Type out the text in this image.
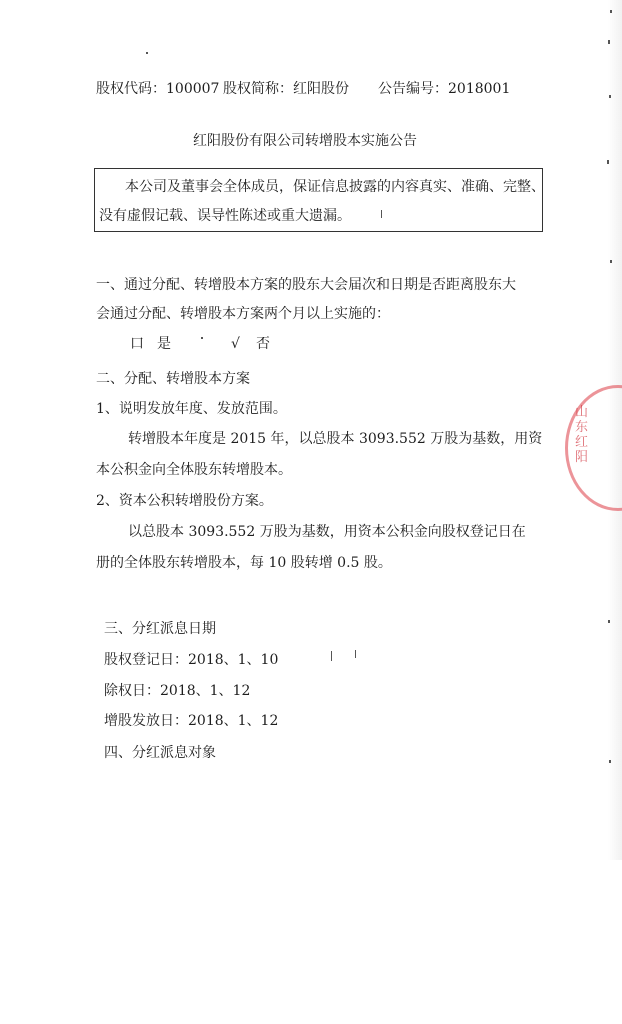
股权代码：100007 股权简称：红阳股份 公告编号：2018001
红阳股份有限公司转增股本实施公告
本公司及董事会全体成员，保证信息披露的内容真实、准确、完整、
没有虚假记载、误导性陈述或重大遗漏。
一、通过分配、转增股本方案的股东大会届次和日期是否距离股东大
会通过分配、转增股本方案两个月以上实施的：
口 是	√ 否
二、分配、转增股本方案
1、说明发放年度、发放范围。
转增股本年度是 2015 年，以总股本 3093.552 万股为基数，用资
本公积金向全体股东转增股本。
2、资本公积转增股份方案。
以总股本 3093.552 万股为基数，用资本公积金向股权登记日在
册的全体股东转增股本，每 10 股转增 0.5 股。
三、分红派息日期
股权登记日：2018、1、10
除权日：2018、1、12
增股发放日：2018、1、12
四、分红派息对象
山东红阳
